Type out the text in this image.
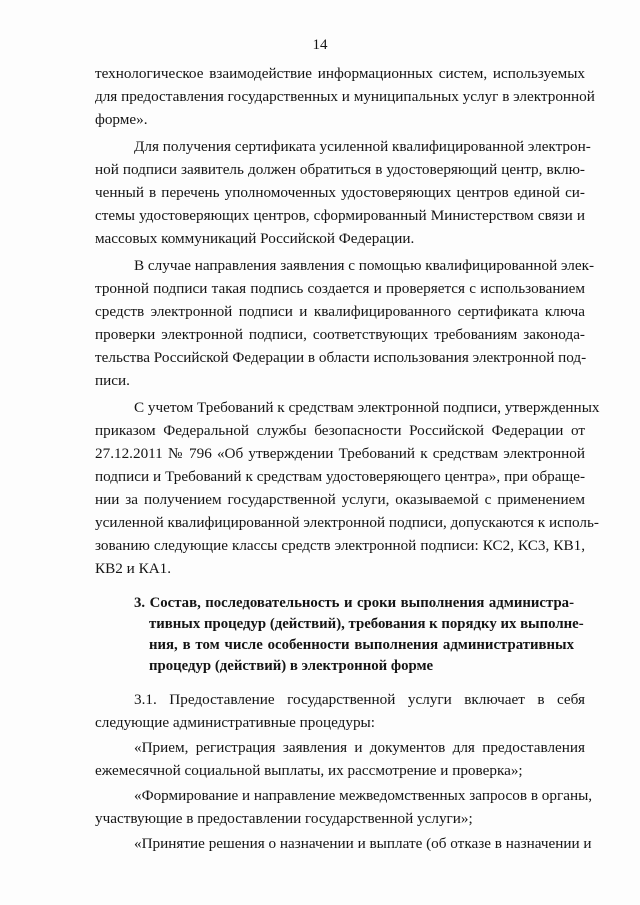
14

технологическое взаимодействие информационных систем, используемых

для предоставления государственных и муниципальных услуг в электронной

форме».

Для получения сертификата усиленной квалифицированной электрон-

ной подписи заявитель должен обратиться в удостоверяющий центр, вклю-

ченный в перечень уполномоченных удостоверяющих центров единой си-

стемы удостоверяющих центров, сформированный Министерством связи и

массовых коммуникаций Российской Федерации.

В случае направления заявления с помощью квалифицированной элек-

тронной подписи такая подпись создается и проверяется с использованием

средств электронной подписи и квалифицированного сертификата ключа

проверки электронной подписи, соответствующих требованиям законода-

тельства Российской Федерации в области использования электронной под-

писи.

С учетом Требований к средствам электронной подписи, утвержденных

приказом Федеральной службы безопасности Российской Федерации от

27.12.2011 № 796 «Об утверждении Требований к средствам электронной

подписи и Требований к средствам удостоверяющего центра», при обраще-

нии за получением государственной услуги, оказываемой с применением

усиленной квалифицированной электронной подписи, допускаются к исполь-

зованию следующие классы средств электронной подписи: КС2, КС3, КВ1,

КВ2 и КА1.

3. Состав, последовательность и сроки выполнения администра-

тивных процедур (действий), требования к порядку их выполне-

ния, в том числе особенности выполнения административных

процедур (действий) в электронной форме

3.1. Предоставление государственной услуги включает в себя

следующие административные процедуры:

«Прием, регистрация заявления и документов для предоставления

ежемесячной социальной выплаты, их рассмотрение и проверка»;

«Формирование и направление межведомственных запросов в органы,

участвующие в предоставлении государственной услуги»;

«Принятие решения о назначении и выплате (об отказе в назначении и
